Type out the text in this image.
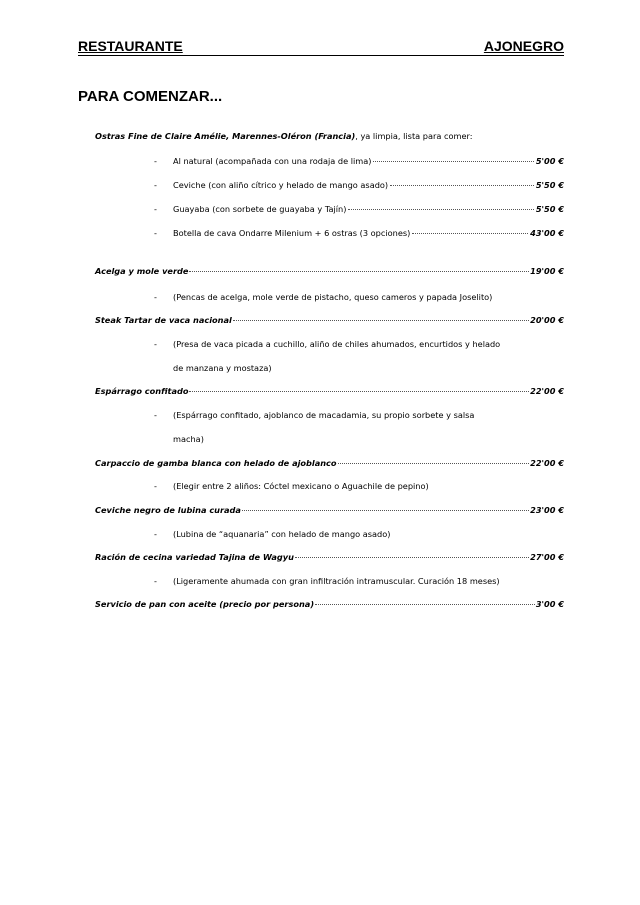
RESTAURANTE	AJONEGRO
PARA COMENZAR...
Ostras Fine de Claire Amélie, Marennes-Oléron (Francia), ya limpia, lista para comer:
- Al natural (acompañada con una rodaja de lima)	5'00 €
- Ceviche (con aliño cítrico y helado de mango asado)	5'50 €
- Guayaba (con sorbete de guayaba y Tajín)	5'50 €
- Botella de cava Ondarre Milenium + 6 ostras (3 opciones)	43'00 €
Acelga y mole verde	19'00 €
- (Pencas de acelga, mole verde de pistacho, queso cameros y papada Joselito)
Steak Tartar de vaca nacional	20'00 €
- (Presa de vaca picada a cuchillo, aliño de chiles ahumados, encurtidos y helado
de manzana y mostaza)
Espárrago confitado	22'00 €
- (Espárrago confitado, ajoblanco de macadamia, su propio sorbete y salsa
macha)
Carpaccio de gamba blanca con helado de ajoblanco	22'00 €
- (Elegir entre 2 aliños: Cóctel mexicano o Aguachile de pepino)
Ceviche negro de lubina curada	23'00 €
- (Lubina de “aquanaria” con helado de mango asado)
Ración de cecina variedad Tajina de Wagyu	27'00 €
- (Ligeramente ahumada con gran infiltración intramuscular. Curación 18 meses)
Servicio de pan con aceite (precio por persona)	3'00 €
